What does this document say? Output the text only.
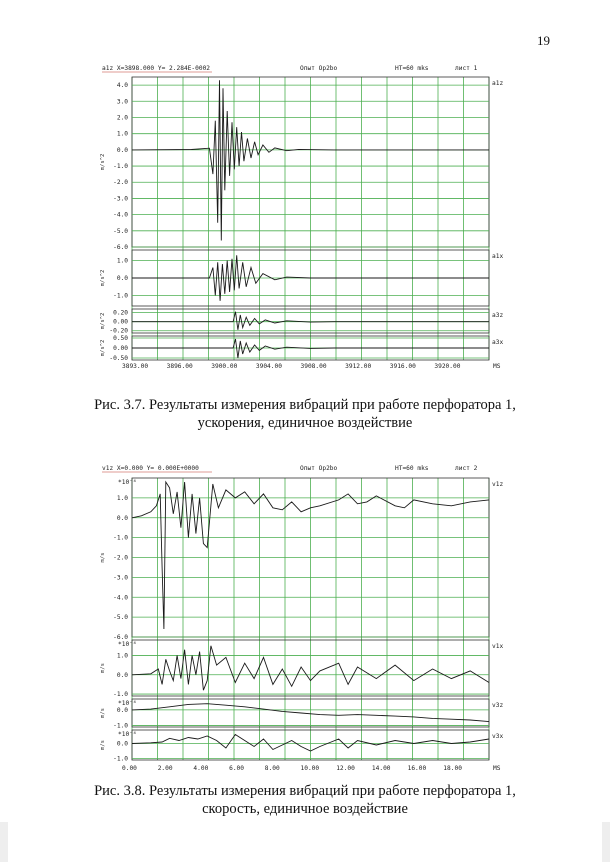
19
a1z X=3898.000 Y= 2.284E-0002	Опыт Op2bo	HT=60 mks	лист 1
3893.00	3896.00	3900.00	3904.00	3908.00	3912.00	3916.00	3920.00	MS
4.0
3.0
2.0
1.0
0.0
-1.0
-2.0
-3.0
-4.0
-5.0
-6.0
m/s^2
a1z
1.0
0.0
-1.0
m/s^2
a1x
0.20
0.00
-0.20
m/s^2	a3z
0.50
0.00
-0.50
m/s^2	a3x
Рис. 3.7. Результаты измерения вибраций при работе перфоратора 1,
ускорения, единичное воздействие
v1z X=0.000 Y= 0.000E+0000	Опыт Op2bo	HT=60 mks	лист 2
0.00	2.00	4.00	6.00	8.00	10.00	12.00	14.00	16.00	18.00	MS
1.0
0.0
-1.0
-2.0
-3.0
-4.0
-5.0
-6.0
*10⁻⁴
m/s
v1z
1.0
0.0
-1.0
*10⁻⁴
m/s
v1x
0.0
-1.0
*10⁻⁴
m/s
v3z
0.0
-1.0
*10⁻⁴
m/s
v3x
Рис. 3.8. Результаты измерения вибраций при работе перфоратора 1,
скорость, единичное воздействие
